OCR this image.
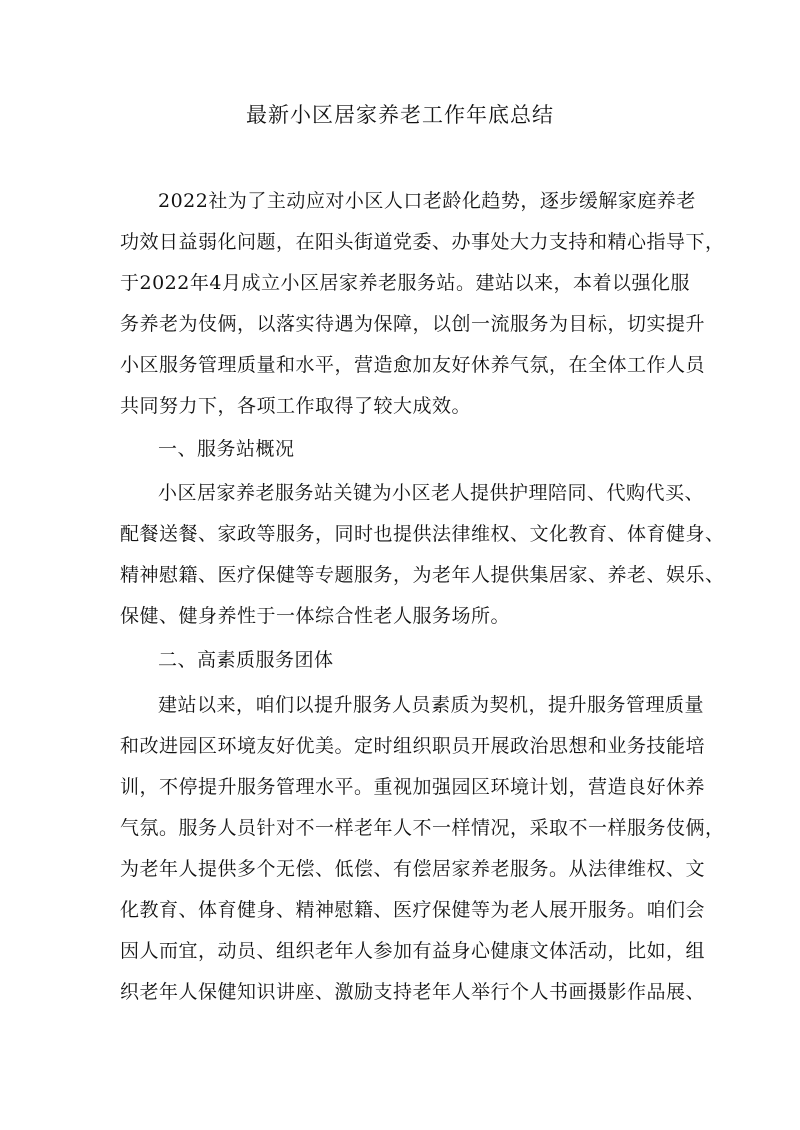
最新小区居家养老工作年底总结

2022社为了主动应对小区人口老龄化趋势，逐步缓解家庭养老

功效日益弱化问题，在阳头街道党委、办事处大力支持和精心指导下，

于2022年4月成立小区居家养老服务站。建站以来，本着以强化服

务养老为伎俩，以落实待遇为保障，以创一流服务为目标，切实提升

小区服务管理质量和水平，营造愈加友好休养气氛，在全体工作人员

共同努力下，各项工作取得了较大成效。

一、服务站概况

小区居家养老服务站关键为小区老人提供护理陪同、代购代买、

配餐送餐、家政等服务，同时也提供法律维权、文化教育、体育健身、

精神慰籍、医疗保健等专题服务，为老年人提供集居家、养老、娱乐、

保健、健身养性于一体综合性老人服务场所。

二、高素质服务团体

建站以来，咱们以提升服务人员素质为契机，提升服务管理质量

和改进园区环境友好优美。定时组织职员开展政治思想和业务技能培

训，不停提升服务管理水平。重视加强园区环境计划，营造良好休养

气氛。服务人员针对不一样老年人不一样情况，采取不一样服务伎俩，

为老年人提供多个无偿、低偿、有偿居家养老服务。从法律维权、文

化教育、体育健身、精神慰籍、医疗保健等为老人展开服务。咱们会

因人而宜，动员、组织老年人参加有益身心健康文体活动，比如，组

织老年人保健知识讲座、激励支持老年人举行个人书画摄影作品展、
